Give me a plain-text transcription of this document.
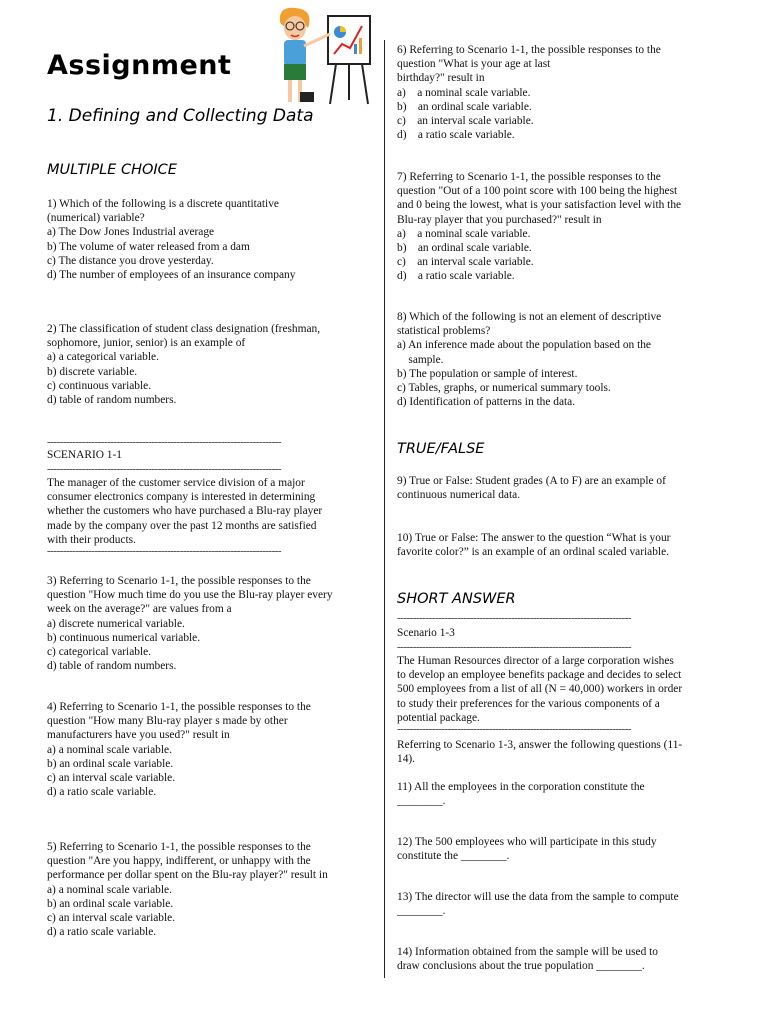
Assignment
1. Defining and Collecting Data
MULTIPLE CHOICE

1) Which of the following is a discrete quantitative

(numerical) variable?

a) The Dow Jones Industrial average

b) The volume of water released from a dam

c) The distance you drove yesterday.

d) The number of employees of an insurance company

2) The classification of student class designation (freshman,

sophomore, junior, senior) is an example of

a) a categorical variable.

b) discrete variable.

c) continuous variable.

d) table of random numbers.

--------------------------------------------------------------------------

SCENARIO 1-1

--------------------------------------------------------------------------

The manager of the customer service division of a major

consumer electronics company is interested in determining

whether the customers who have purchased a Blu-ray player

made by the company over the past 12 months are satisfied

with their products.

--------------------------------------------------------------------------

3) Referring to Scenario 1-1, the possible responses to the

question "How much time do you use the Blu-ray player every

week on the average?" are values from a

a) discrete numerical variable.

b) continuous numerical variable.

c) categorical variable.

d) table of random numbers.

4) Referring to Scenario 1-1, the possible responses to the

question "How many Blu-ray player s made by other

manufacturers have you used?" result in

a) a nominal scale variable.

b) an ordinal scale variable.

c) an interval scale variable.

d) a ratio scale variable.

5) Referring to Scenario 1-1, the possible responses to the

question "Are you happy, indifferent, or unhappy with the

performance per dollar spent on the Blu-ray player?" result in

a) a nominal scale variable.

b) an ordinal scale variable.

c) an interval scale variable.

d) a ratio scale variable.

6) Referring to Scenario 1-1, the possible responses to the

question "What is your age at last

birthday?" result in

a)    a nominal scale variable.

b)    an ordinal scale variable.

c)    an interval scale variable.

d)    a ratio scale variable.

7) Referring to Scenario 1-1, the possible responses to the

question "Out of a 100 point score with 100 being the highest

and 0 being the lowest, what is your satisfaction level with the

Blu-ray player that you purchased?" result in

a)    a nominal scale variable.

b)    an ordinal scale variable.

c)    an interval scale variable.

d)    a ratio scale variable.

8) Which of the following is not an element of descriptive

statistical problems?

a) An inference made about the population based on the

sample.

b) The population or sample of interest.

c) Tables, graphs, or numerical summary tools.

d) Identification of patterns in the data.

TRUE/FALSE

9) True or False: Student grades (A to F) are an example of

continuous numerical data.

10) True or False: The answer to the question “What is your

favorite color?” is an example of an ordinal scaled variable.

SHORT ANSWER
--------------------------------------------------------------------------

Scenario 1-3

--------------------------------------------------------------------------

The Human Resources director of a large corporation wishes

to develop an employee benefits package and decides to select

500 employees from a list of all (N = 40,000) workers in order

to study their preferences for the various components of a

potential package.

--------------------------------------------------------------------------

Referring to Scenario 1-3, answer the following questions (11-

14).

11) All the employees in the corporation constitute the

________.

12) The 500 employees who will participate in this study

constitute the ________.

13) The director will use the data from the sample to compute

________.

14) Information obtained from the sample will be used to

draw conclusions about the true population ________.
